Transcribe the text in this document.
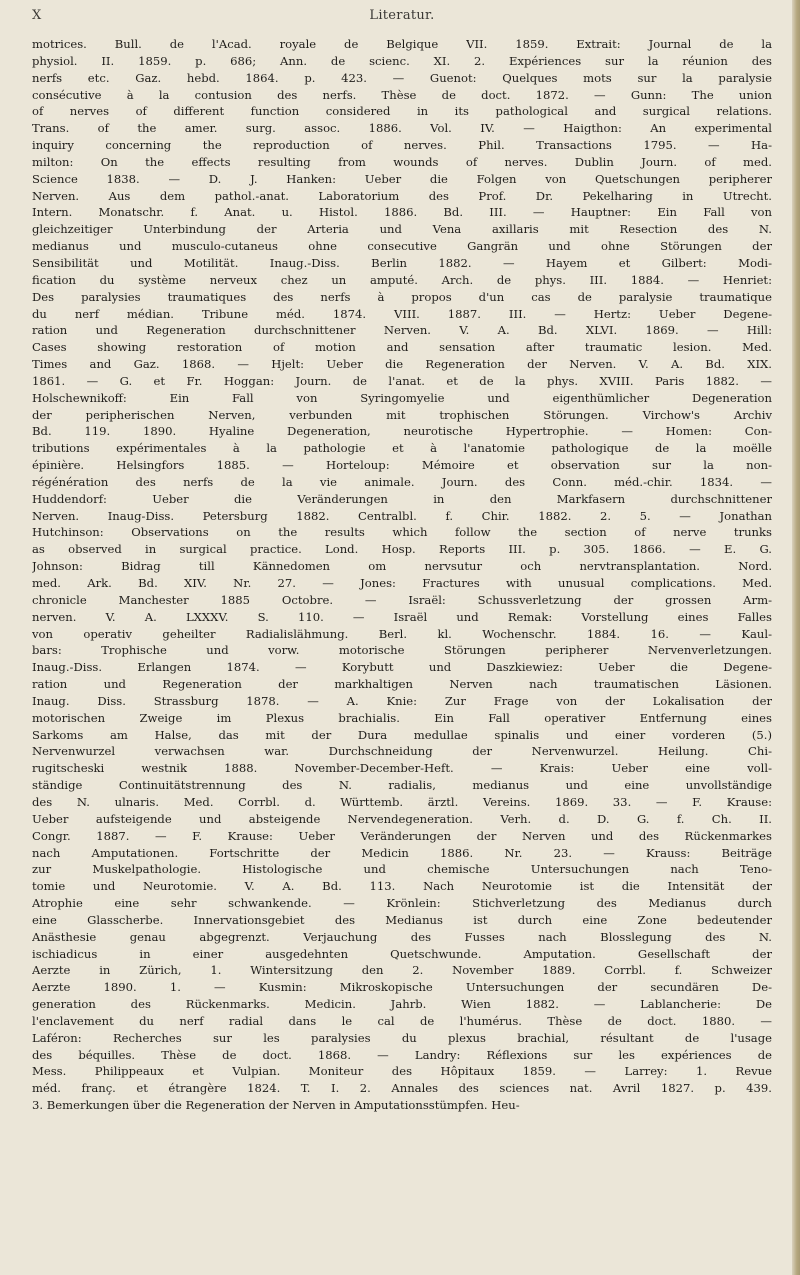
X	Literatur.
motrices. Bull. de l'Acad. royale de Belgique VII. 1859. Extrait: Journal de la
physiol. II. 1859. p. 686; Ann. de scienc. XI. 2. Expériences sur la réunion des
nerfs etc. Gaz. hebd. 1864. p. 423. — Guenot: Quelques mots sur la paralysie
consécutive à la contusion des nerfs. Thèse de doct. 1872. — Gunn: The union
of nerves of different function considered in its pathological and surgical relations.
Trans. of the amer. surg. assoc. 1886. Vol. IV. — Haigthon: An experimental
inquiry concerning the reproduction of nerves. Phil. Transactions 1795. — Ha-
milton: On the effects resulting from wounds of nerves. Dublin Journ. of med.
Science 1838. — D. J. Hanken: Ueber die Folgen von Quetschungen peripherer
Nerven. Aus dem pathol.-anat. Laboratorium des Prof. Dr. Pekelharing in Utrecht.
Intern. Monatschr. f. Anat. u. Histol. 1886. Bd. III. — Hauptner: Ein Fall von
gleichzeitiger Unterbindung der Arteria und Vena axillaris mit Resection des N.
medianus und musculo-cutaneus ohne consecutive Gangrän und ohne Störungen der
Sensibilität und Motilität. Inaug.-Diss. Berlin 1882. — Hayem et Gilbert: Modi-
fication du système nerveux chez un amputé. Arch. de phys. III. 1884. — Henriet:
Des paralysies traumatiques des nerfs à propos d'un cas de paralysie traumatique
du nerf médian. Tribune méd. 1874. VIII. 1887. III. — Hertz: Ueber Degene-
ration und Regeneration durchschnittener Nerven. V. A. Bd. XLVI. 1869. — Hill:
Cases showing restoration of motion and sensation after traumatic lesion. Med.
Times and Gaz. 1868. — Hjelt: Ueber die Regeneration der Nerven. V. A. Bd. XIX.
1861. — G. et Fr. Hoggan: Journ. de l'anat. et de la phys. XVIII. Paris 1882. —
Holschewnikoff: Ein Fall von Syringomyelie und eigenthümlicher Degeneration
der peripherischen Nerven, verbunden mit trophischen Störungen. Virchow's Archiv
Bd. 119. 1890. Hyaline Degeneration, neurotische Hypertrophie. — Homen: Con-
tributions expérimentales à la pathologie et à l'anatomie pathologique de la moëlle
épinière. Helsingfors 1885. — Horteloup: Mémoire et observation sur la non-
régénération des nerfs de la vie animale. Journ. des Conn. méd.-chir. 1834. —
Huddendorf: Ueber die Veränderungen in den Markfasern durchschnittener
Nerven. Inaug-Diss. Petersburg 1882. Centralbl. f. Chir. 1882. 2. 5. — Jonathan
Hutchinson: Observations on the results which follow the section of nerve trunks
as observed in surgical practice. Lond. Hosp. Reports III. p. 305. 1866. — E. G.
Johnson: Bidrag till Kännedomen om nervsutur och nervtransplantation. Nord.
med. Ark. Bd. XIV. Nr. 27. — Jones: Fractures with unusual complications. Med.
chronicle Manchester 1885 Octobre. — Israël: Schussverletzung der grossen Arm-
nerven. V. A. LXXXV. S. 110. — Israël und Remak: Vorstellung eines Falles
von operativ geheilter Radialislähmung. Berl. kl. Wochenschr. 1884. 16. — Kaul-
bars: Trophische und vorw. motorische Störungen peripherer Nervenverletzungen.
Inaug.-Diss. Erlangen 1874. — Korybutt und Daszkiewiez: Ueber die Degene-
ration und Regeneration der markhaltigen Nerven nach traumatischen Läsionen.
Inaug. Diss. Strassburg 1878. — A. Knie: Zur Frage von der Lokalisation der
motorischen Zweige im Plexus brachialis. Ein Fall operativer Entfernung eines
Sarkoms am Halse, das mit der Dura medullae spinalis und einer vorderen (5.)
Nervenwurzel verwachsen war. Durchschneidung der Nervenwurzel. Heilung. Chi-
rugitscheski westnik 1888. November-December-Heft. — Krais: Ueber eine voll-
ständige Continuitätstrennung des N. radialis, medianus und eine unvollständige
des N. ulnaris. Med. Corrbl. d. Württemb. ärztl. Vereins. 1869. 33. — F. Krause:
Ueber aufsteigende und absteigende Nervendegeneration. Verh. d. D. G. f. Ch. II.
Congr. 1887. — F. Krause: Ueber Veränderungen der Nerven und des Rückenmarkes
nach Amputationen. Fortschritte der Medicin 1886. Nr. 23. — Krauss: Beiträge
zur Muskelpathologie. Histologische und chemische Untersuchungen nach Teno-
tomie und Neurotomie. V. A. Bd. 113. Nach Neurotomie ist die Intensität der
Atrophie eine sehr schwankende. — Krönlein: Stichverletzung des Medianus durch
eine Glasscherbe. Innervationsgebiet des Medianus ist durch eine Zone bedeutender
Anästhesie genau abgegrenzt. Verjauchung des Fusses nach Blosslegung des N.
ischiadicus in einer ausgedehnten Quetschwunde. Amputation. Gesellschaft der
Aerzte in Zürich, 1. Wintersitzung den 2. November 1889. Corrbl. f. Schweizer
Aerzte 1890. 1. — Kusmin: Mikroskopische Untersuchungen der secundären De-
generation des Rückenmarks. Medicin. Jahrb. Wien 1882. — Lablancherie: De
l'enclavement du nerf radial dans le cal de l'humérus. Thèse de doct. 1880. —
Laféron: Recherches sur les paralysies du plexus brachial, résultant de l'usage
des béquilles. Thèse de doct. 1868. — Landry: Réflexions sur les expériences de
Mess. Philippeaux et Vulpian. Moniteur des Hôpitaux 1859. — Larrey: 1. Revue
méd. franç. et étrangère 1824. T. I. 2. Annales des sciences nat. Avril 1827. p. 439.
3. Bemerkungen über die Regeneration der Nerven in Amputationsstümpfen. Heu-
